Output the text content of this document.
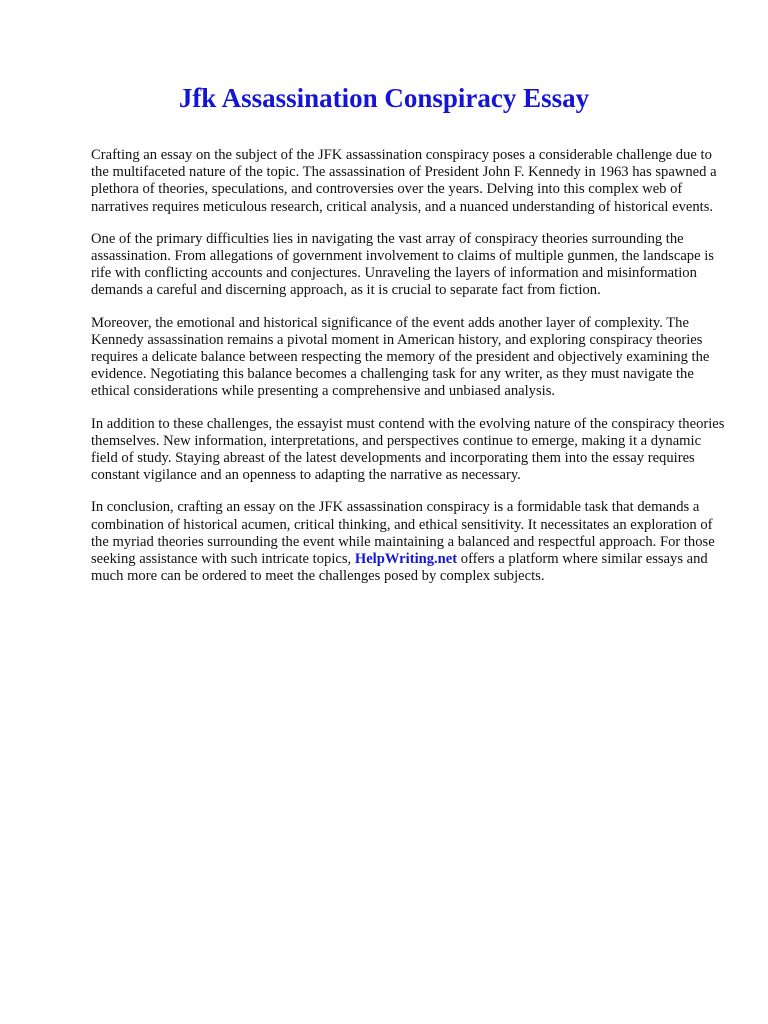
Jfk Assassination Conspiracy Essay

Crafting an essay on the subject of the JFK assassination conspiracy poses a considerable challenge due to the multifaceted nature of the topic. The assassination of President John F. Kennedy in 1963 has spawned a plethora of theories, speculations, and controversies over the years. Delving into this complex web of narratives requires meticulous research, critical analysis, and a nuanced understanding of historical events.

One of the primary difficulties lies in navigating the vast array of conspiracy theories surrounding the assassination. From allegations of government involvement to claims of multiple gunmen, the landscape is rife with conflicting accounts and conjectures. Unraveling the layers of information and misinformation demands a careful and discerning approach, as it is crucial to separate fact from fiction.

Moreover, the emotional and historical significance of the event adds another layer of complexity. The Kennedy assassination remains a pivotal moment in American history, and exploring conspiracy theories requires a delicate balance between respecting the memory of the president and objectively examining the evidence. Negotiating this balance becomes a challenging task for any writer, as they must navigate the ethical considerations while presenting a comprehensive and unbiased analysis.

In addition to these challenges, the essayist must contend with the evolving nature of the conspiracy theories themselves. New information, interpretations, and perspectives continue to emerge, making it a dynamic field of study. Staying abreast of the latest developments and incorporating them into the essay requires constant vigilance and an openness to adapting the narrative as necessary.

In conclusion, crafting an essay on the JFK assassination conspiracy is a formidable task that demands a combination of historical acumen, critical thinking, and ethical sensitivity. It necessitates an exploration of the myriad theories surrounding the event while maintaining a balanced and respectful approach. For those seeking assistance with such intricate topics, HelpWriting.net offers a platform where similar essays and much more can be ordered to meet the challenges posed by complex subjects.
